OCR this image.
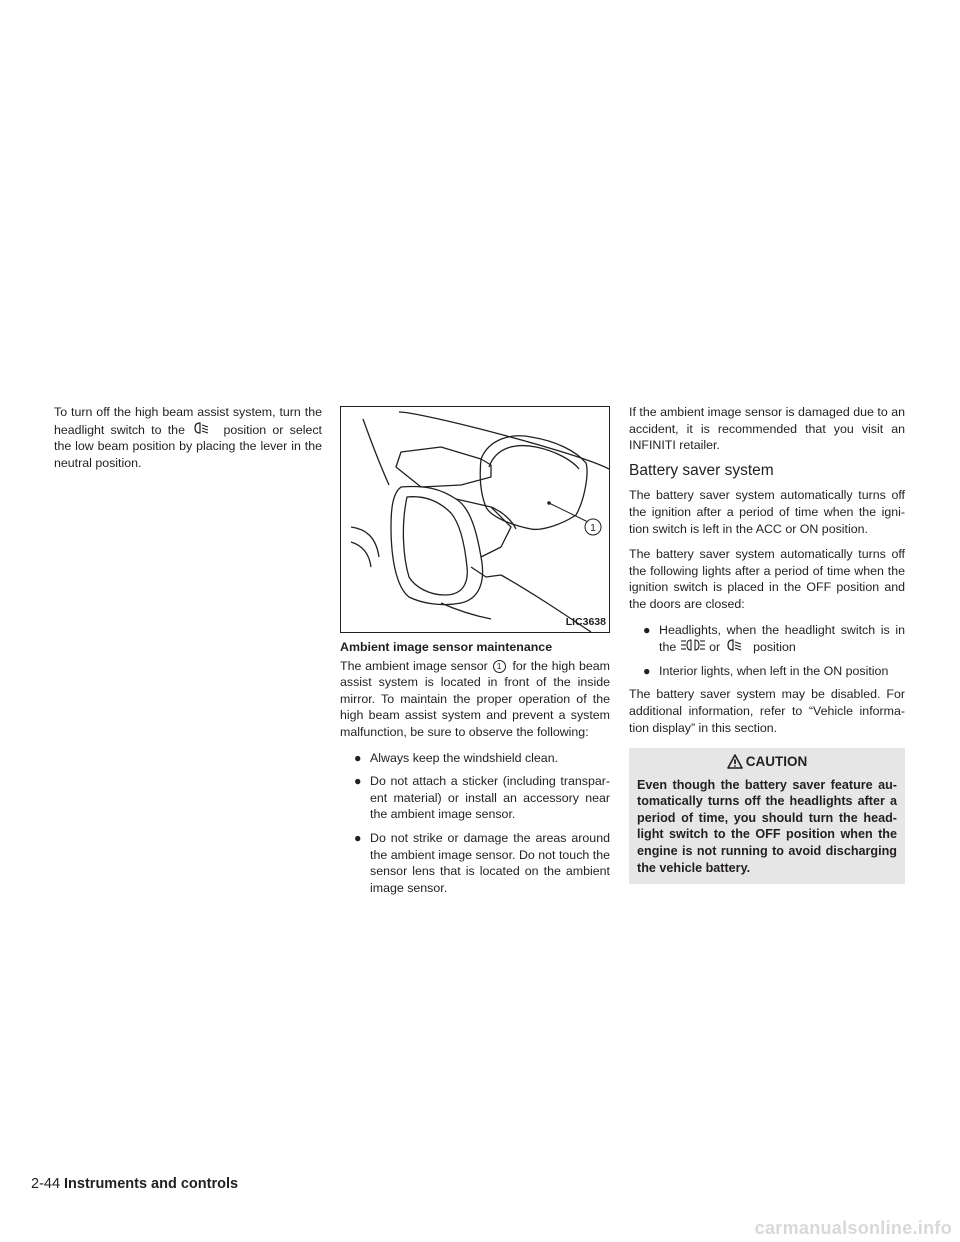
To turn off the high beam assist system, turn the headlight switch to the	position or select the low beam position by placing the lever in the neutral position.

1
LIC3638
Ambient image sensor maintenance

The ambient image sensor 1 for the high beam assist system is located in front of the inside mirror. To maintain the proper operation of the high beam assist system and prevent a system malfunction, be sure to observe the following:

● Always keep the windshield clean.
● Do not attach a sticker (including transpar- ent material) or install an accessory near the ambient image sensor.
● Do not strike or damage the areas around the ambient image sensor. Do not touch the sensor lens that is located on the ambient image sensor.

If the ambient image sensor is damaged due to an accident, it is recommended that you visit an INFINITI retailer.

Battery saver system

The battery saver system automatically turns off the ignition after a period of time when the igni- tion switch is left in the ACC or ON position.

The battery saver system automatically turns off the following lights after a period of time when the ignition switch is placed in the OFF position and the doors are closed:

● Headlights, when the headlight switch is in the	or	position
● Interior lights, when left in the ON position

The battery saver system may be disabled. For additional information, refer to “Vehicle informa- tion display” in this section.

CAUTION
Even though the battery saver feature au- tomatically turns off the headlights after a period of time, you should turn the head- light switch to the OFF position when the engine is not running to avoid discharging the vehicle battery.
2-44 Instruments and controls
carmanualsonline.info
